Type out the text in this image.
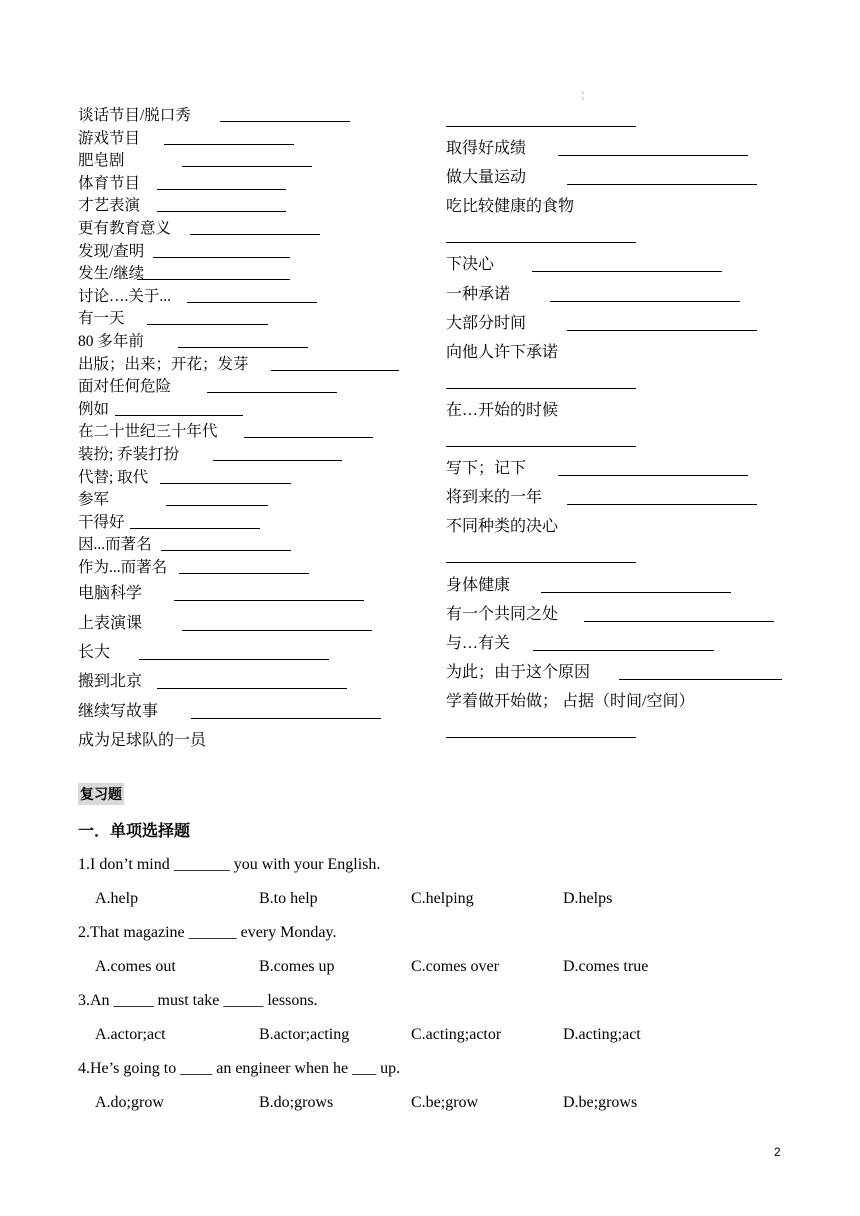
¦
谈话节目/脱口秀
游戏节目
肥皂剧
体育节目
才艺表演
更有教育意义
发现/查明
发生/继续
讨论….关于...
有一天
80 多年前
出版；出来；开花；发芽
面对任何危险
例如
在二十世纪三十年代
装扮; 乔装打扮
代替; 取代
参军
干得好
因...而著名
作为...而著名
电脑科学
上表演课
长大
搬到北京
继续写故事
成为足球队的一员
取得好成绩
做大量运动
吃比较健康的食物
下决心
一种承诺
大部分时间
向他人许下承诺
在…开始的时候
写下；记下
将到来的一年
不同种类的决心
身体健康
有一个共同之处
与…有关
为此；由于这个原因
学着做开始做； 占据（时间/空间）
复习题
一．单项选择题
1.I don’t mind _______ you with your English.
A.help	B.to help	C.helping	D.helps
2.That magazine ______ every Monday.
A.comes out	B.comes up	C.comes over	D.comes true
3.An _____ must take _____ lessons.
A.actor;act	B.actor;acting	C.acting;actor	D.acting;act
4.He’s going to ____ an engineer when he ___ up.
A.do;grow	B.do;grows	C.be;grow	D.be;grows
2
